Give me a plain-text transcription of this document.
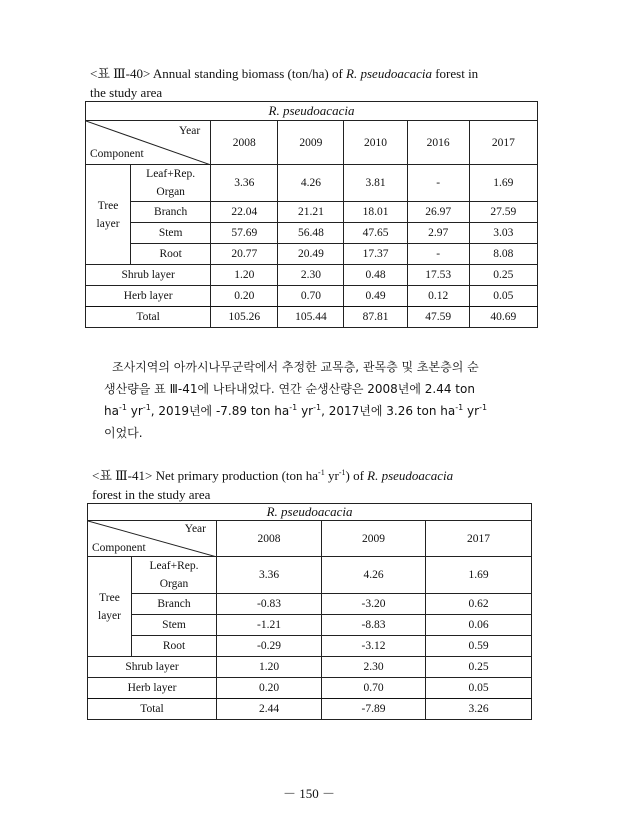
<표 Ⅲ-40> Annual standing biomass (ton/ha) of R. pseudoacacia forest in
the study area
R. pseudoacacia						

Year
Component		2008	2009	2010	2016	2017
Tree
layer	Leaf+Rep.
Organ	3.36	4.26	3.81	-	1.69
	Branch	22.04	21.21	18.01	26.97	27.59
	Stem	57.69	56.48	47.65	2.97	3.03
	Root	20.77	20.49	17.37	-	8.08
Shrub layer		1.20	2.30	0.48	17.53	0.25
Herb layer		0.20	0.70	0.49	0.12	0.05
Total		105.26	105.44	87.81	47.59	40.69
조사지역의 아까시나무군락에서 추정한 교목층, 관목층 및 초본층의 순
생산량을 표 Ⅲ-41에 나타내었다. 연간 순생산량은 2008년에 2.44 ton
$ha^{-1}$ $yr^{-1}$, 2019년에 -7.89 ton $ha^{-1}$ $yr^{-1}$, 2017년에 3.26 ton $ha^{-1}$ $yr^{-1}$
이었다.
<표 Ⅲ-41> Net primary production (ton $ha^{-1}$ $yr^{-1}$) of R. pseudoacacia
forest in the study area
R. pseudoacacia				

Year
Component		2008	2009	2017
Tree
layer	Leaf+Rep.
Organ	3.36	4.26	1.69
	Branch	-0.83	-3.20	0.62
	Stem	-1.21	-8.83	0.06
	Root	-0.29	-3.12	0.59
Shrub layer		1.20	2.30	0.25
Herb layer		0.20	0.70	0.05
Total		2.44	-7.89	3.26
－ 150 －
